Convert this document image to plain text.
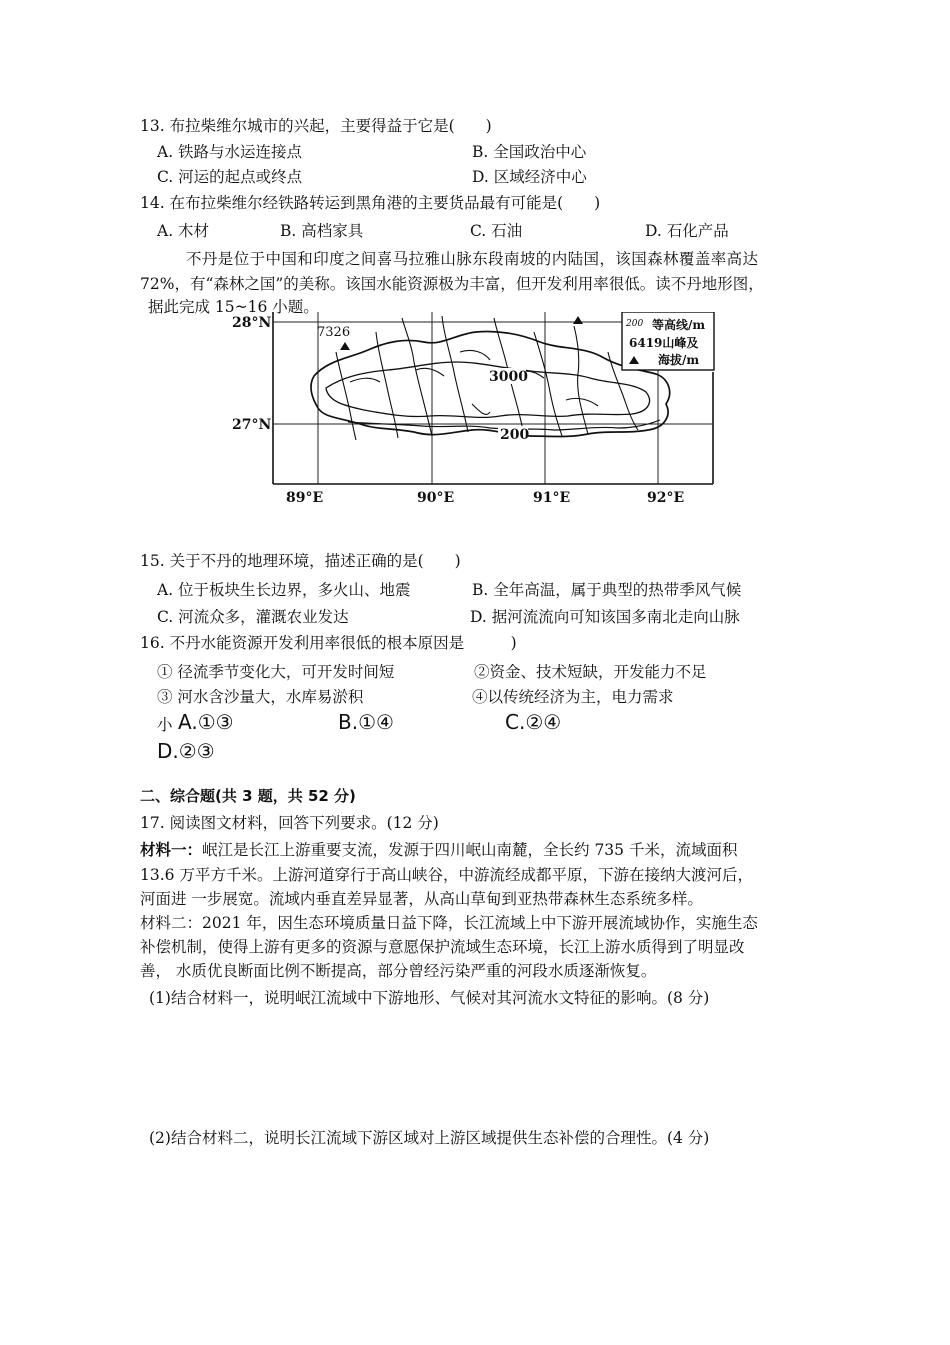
13. 布拉柴维尔城市的兴起，主要得益于它是(　　)
A. 铁路与水运连接点	B. 全国政治中心
C. 河运的起点或终点	D. 区域经济中心
14. 在布拉柴维尔经铁路转运到黑角港的主要货品最有可能是(　　)
A. 木材	B. 高档家具	C. 石油	D. 石化产品
不丹是位于中国和印度之间喜马拉雅山脉东段南坡的内陆国，该国森林覆盖率高达
72%，有“森林之国”的美称。该国水能资源极为丰富，但开发利用率很低。读不丹地形图，
据此完成 15~16 小题。
7326
3000
200
200 等高线/m
6419山峰及
海拔/m
28°N
27°N
89°E	90°E	91°E	92°E
15. 关于不丹的地理环境，描述正确的是(　　)
A. 位于板块生长边界，多火山、地震	B. 全年高温，属于典型的热带季风气候
C. 河流众多，灌溉农业发达	D. 据河流流向可知该国多南北走向山脉
16. 不丹水能资源开发利用率很低的根本原因是　　　)
① 径流季节变化大，可开发时间短	②资金、技术短缺，开发能力不足
③ 河水含沙量大，水库易淤积	④以传统经济为主，电力需求
小 A.①③	B.①④	C.②④
D.②③
二、综合题(共 3 题，共 52 分)
17. 阅读图文材料，回答下列要求。(12 分)
材料一：岷江是长江上游重要支流，发源于四川岷山南麓，全长约 735 千米，流域面积
13.6 万平方千米。上游河道穿行于高山峡谷，中游流经成都平原，下游在接纳大渡河后，
河面进 一步展宽。流域内垂直差异显著，从高山草甸到亚热带森林生态系统多样。
材料二：2021 年，因生态环境质量日益下降，长江流域上中下游开展流域协作，实施生态
补偿机制，使得上游有更多的资源与意愿保护流域生态环境，长江上游水质得到了明显改
善， 水质优良断面比例不断提高，部分曾经污染严重的河段水质逐渐恢复。
(1)结合材料一，说明岷江流域中下游地形、气候对其河流水文特征的影响。(8 分)
(2)结合材料二，说明长江流域下游区域对上游区域提供生态补偿的合理性。(4 分)
